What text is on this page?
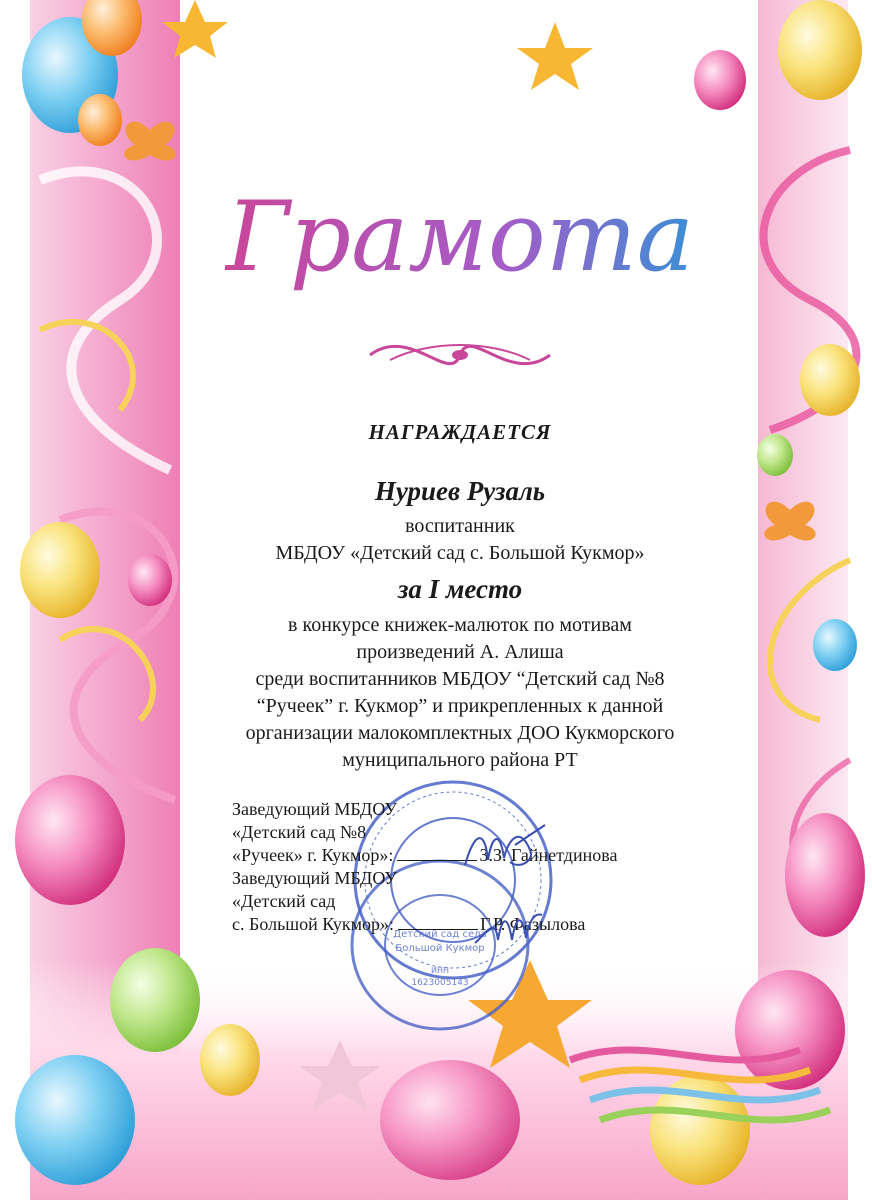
Грамота
НАГРАЖДАЕТСЯ
Нуриев Рузаль
воспитанник
МБДОУ «Детский сад с. Большой Кукмор»
за I место
в конкурсе книжек-малюток по мотивам
произведений А. Алиша
среди воспитанников МБДОУ “Детский сад №8
“Ручеек” г. Кукмор” и прикрепленных к данной
организации малокомплектных ДОО Кукморского
муниципального района РТ
Детский сад села
Большой Кукмор
ИНН
1623005143
Заведующий МБДОУ
«Детский сад №8
«Ручеек» г. Кукмор»:	З.З. Гайнетдинова
Заведующий МБДОУ
«Детский сад
с. Большой Кукмор»:	Г.Р. Фазылова
